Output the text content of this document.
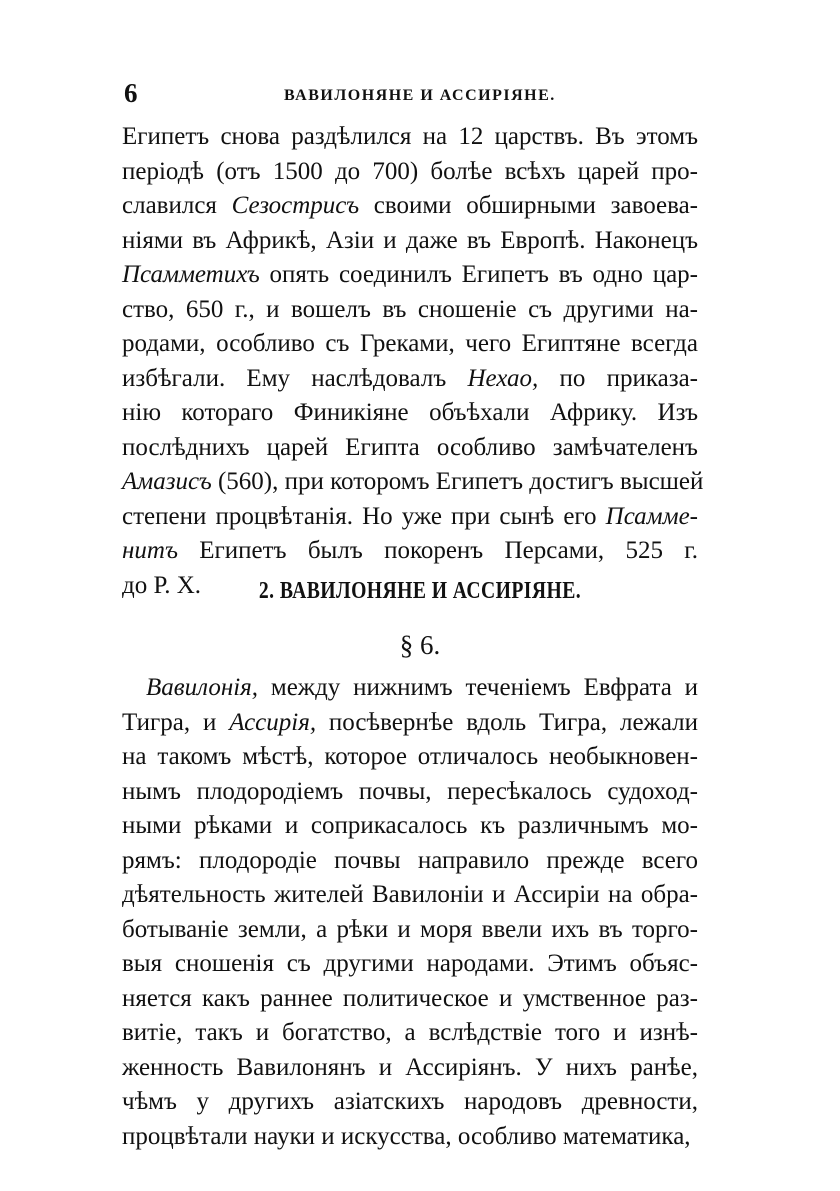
6	ВАВИЛОНЯНЕ И АССИРІЯНЕ.
Египетъ снова раздѣлился на 12 царствъ. Въ этомъ
періодѣ (отъ 1500 до 700) болѣе всѣхъ царей про-
славился Сезострисъ своими обширными завоева-
ніями въ Африкѣ, Азіи и даже въ Европѣ. Наконецъ
Псамметихъ опять соединилъ Египетъ въ одно цар-
ство, 650 г., и вошелъ въ сношеніе съ другими на-
родами, особливо съ Греками, чего Египтяне всегда
избѣгали. Ему наслѣдовалъ Нехао, по приказа-
нію котораго Финикіяне объѣхали Африку. Изъ
послѣднихъ царей Египта особливо замѣчателенъ
Амазисъ (560), при которомъ Египетъ достигъ высшей
степени процвѣтанія. Но уже при сынѣ его Псамме-
нитъ Египетъ былъ покоренъ Персами, 525 г.
до Р. Х.	2. ВАВИЛОНЯНЕ И АССИРІЯНЕ.
§ 6.
Вавилонія, между нижнимъ теченіемъ Евфрата и
Тигра, и Ассирія, посѣвернѣе вдоль Тигра, лежали
на такомъ мѣстѣ, которое отличалось необыкновен-
нымъ плодородіемъ почвы, пересѣкалось судоход-
ными рѣками и соприкасалось къ различнымъ мо-
рямъ: плодородіе почвы направило прежде всего
дѣятельность жителей Вавилоніи и Ассиріи на обра-
ботываніе земли, а рѣки и моря ввели ихъ въ торго-
выя сношенія съ другими народами. Этимъ объяс-
няется какъ раннее политическое и умственное раз-
витіе, такъ и богатство, а вслѣдствіе того и изнѣ-
женность Вавилонянъ и Ассиріянъ. У нихъ ранѣе,
чѣмъ у другихъ азіатскихъ народовъ древности,
процвѣтали науки и искусства, особливо математика,
